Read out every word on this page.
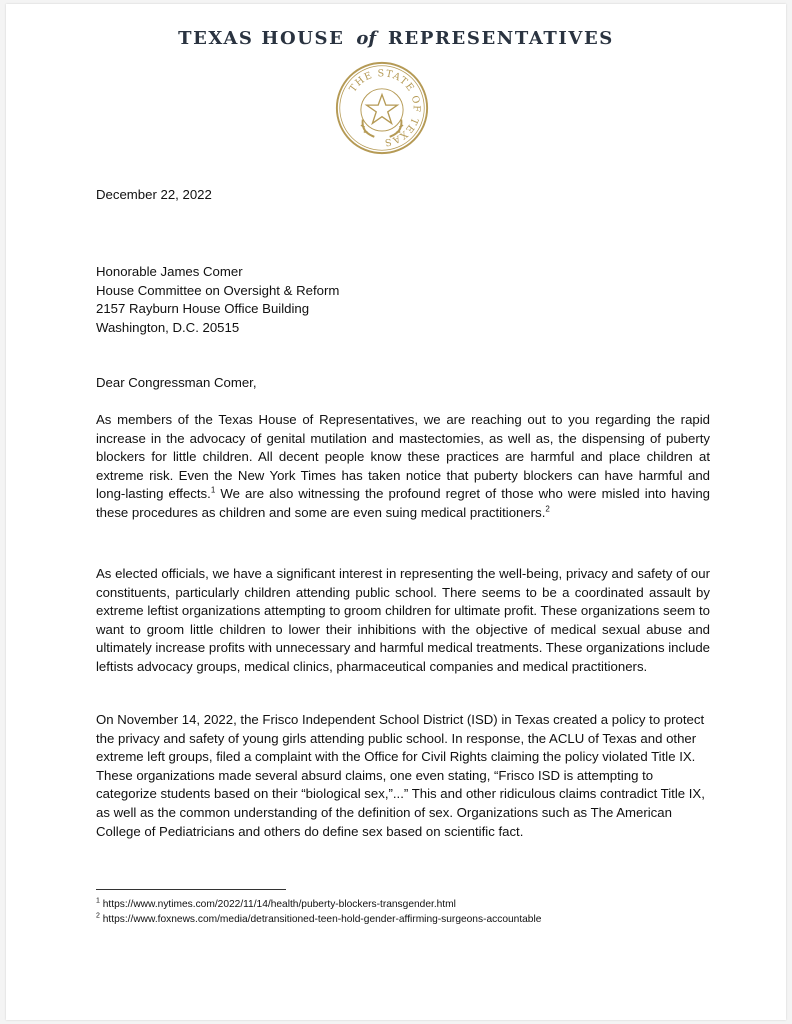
TEXAS HOUSE of REPRESENTATIVES
THE STATE OF TEXAS
December 22, 2022
Honorable James Comer
House Committee on Oversight & Reform
2157 Rayburn House Office Building
Washington, D.C. 20515
Dear Congressman Comer,
As members of the Texas House of Representatives, we are reaching out to you regarding the rapid increase in the advocacy of genital mutilation and mastectomies, as well as, the dispensing of puberty blockers for little children. All decent people know these practices are harmful and place children at extreme risk. Even the New York Times has taken notice that puberty blockers can have harmful and long-lasting effects.$^1$ We are also witnessing the profound regret of those who were misled into having these procedures as children and some are even suing medical practitioners.$^2$
As elected officials, we have a significant interest in representing the well-being, privacy and safety of our constituents, particularly children attending public school. There seems to be a coordinated assault by extreme leftist organizations attempting to groom children for ultimate profit. These organizations seem to want to groom little children to lower their inhibitions with the objective of medical sexual abuse and ultimately increase profits with unnecessary and harmful medical treatments. These organizations include leftists advocacy groups, medical clinics, pharmaceutical companies and medical practitioners.
On November 14, 2022, the Frisco Independent School District (ISD) in Texas created a policy to protect the privacy and safety of young girls attending public school. In response, the ACLU of Texas and other extreme left groups, filed a complaint with the Office for Civil Rights claiming the policy violated Title IX. These organizations made several absurd claims, one even stating, “Frisco ISD is attempting to categorize students based on their “biological sex,”...” This and other ridiculous claims contradict Title IX, as well as the common understanding of the definition of sex. Organizations such as The American College of Pediatricians and others do define sex based on scientific fact.
$^1$ https://www.nytimes.com/2022/11/14/health/puberty-blockers-transgender.html
$^2$ https://www.foxnews.com/media/detransitioned-teen-hold-gender-affirming-surgeons-accountable
